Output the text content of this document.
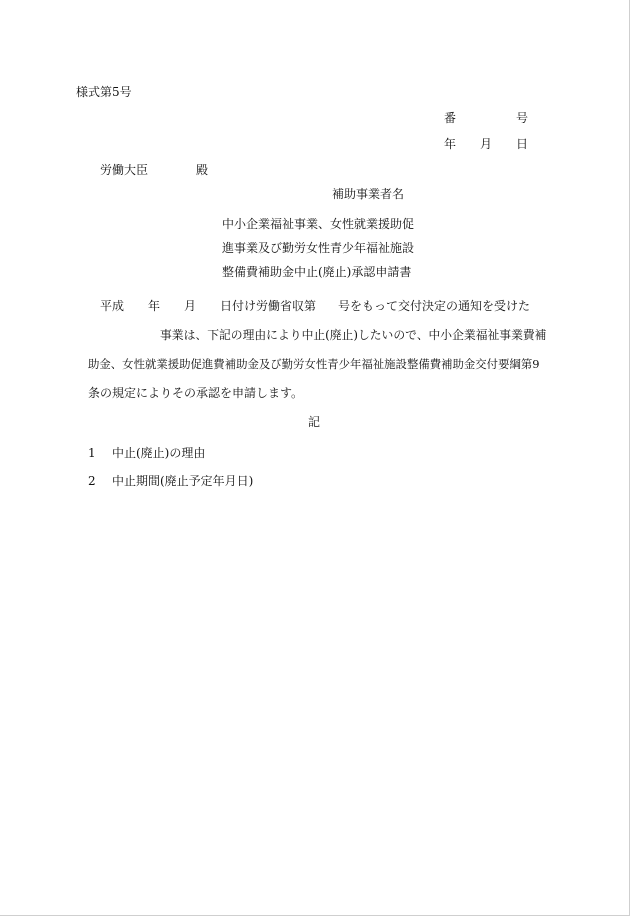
様式第5号
番	号
年 月 日
労働大臣	殿
補助事業者名
中小企業福祉事業、女性就業援助促
進事業及び勤労女性青少年福祉施設
整備費補助金中止(廃止)承認申請書
平成 年 月 日付け労働省収第 号をもって交付決定の通知を受けた
事業は、下記の理由により中止(廃止)したいので、中小企業福祉事業費補
助金、女性就業援助促進費補助金及び勤労女性青少年福祉施設整備費補助金交付要綱第9
条の規定によりその承認を申請します。
記
1 中止(廃止)の理由
2 中止期間(廃止予定年月日)
